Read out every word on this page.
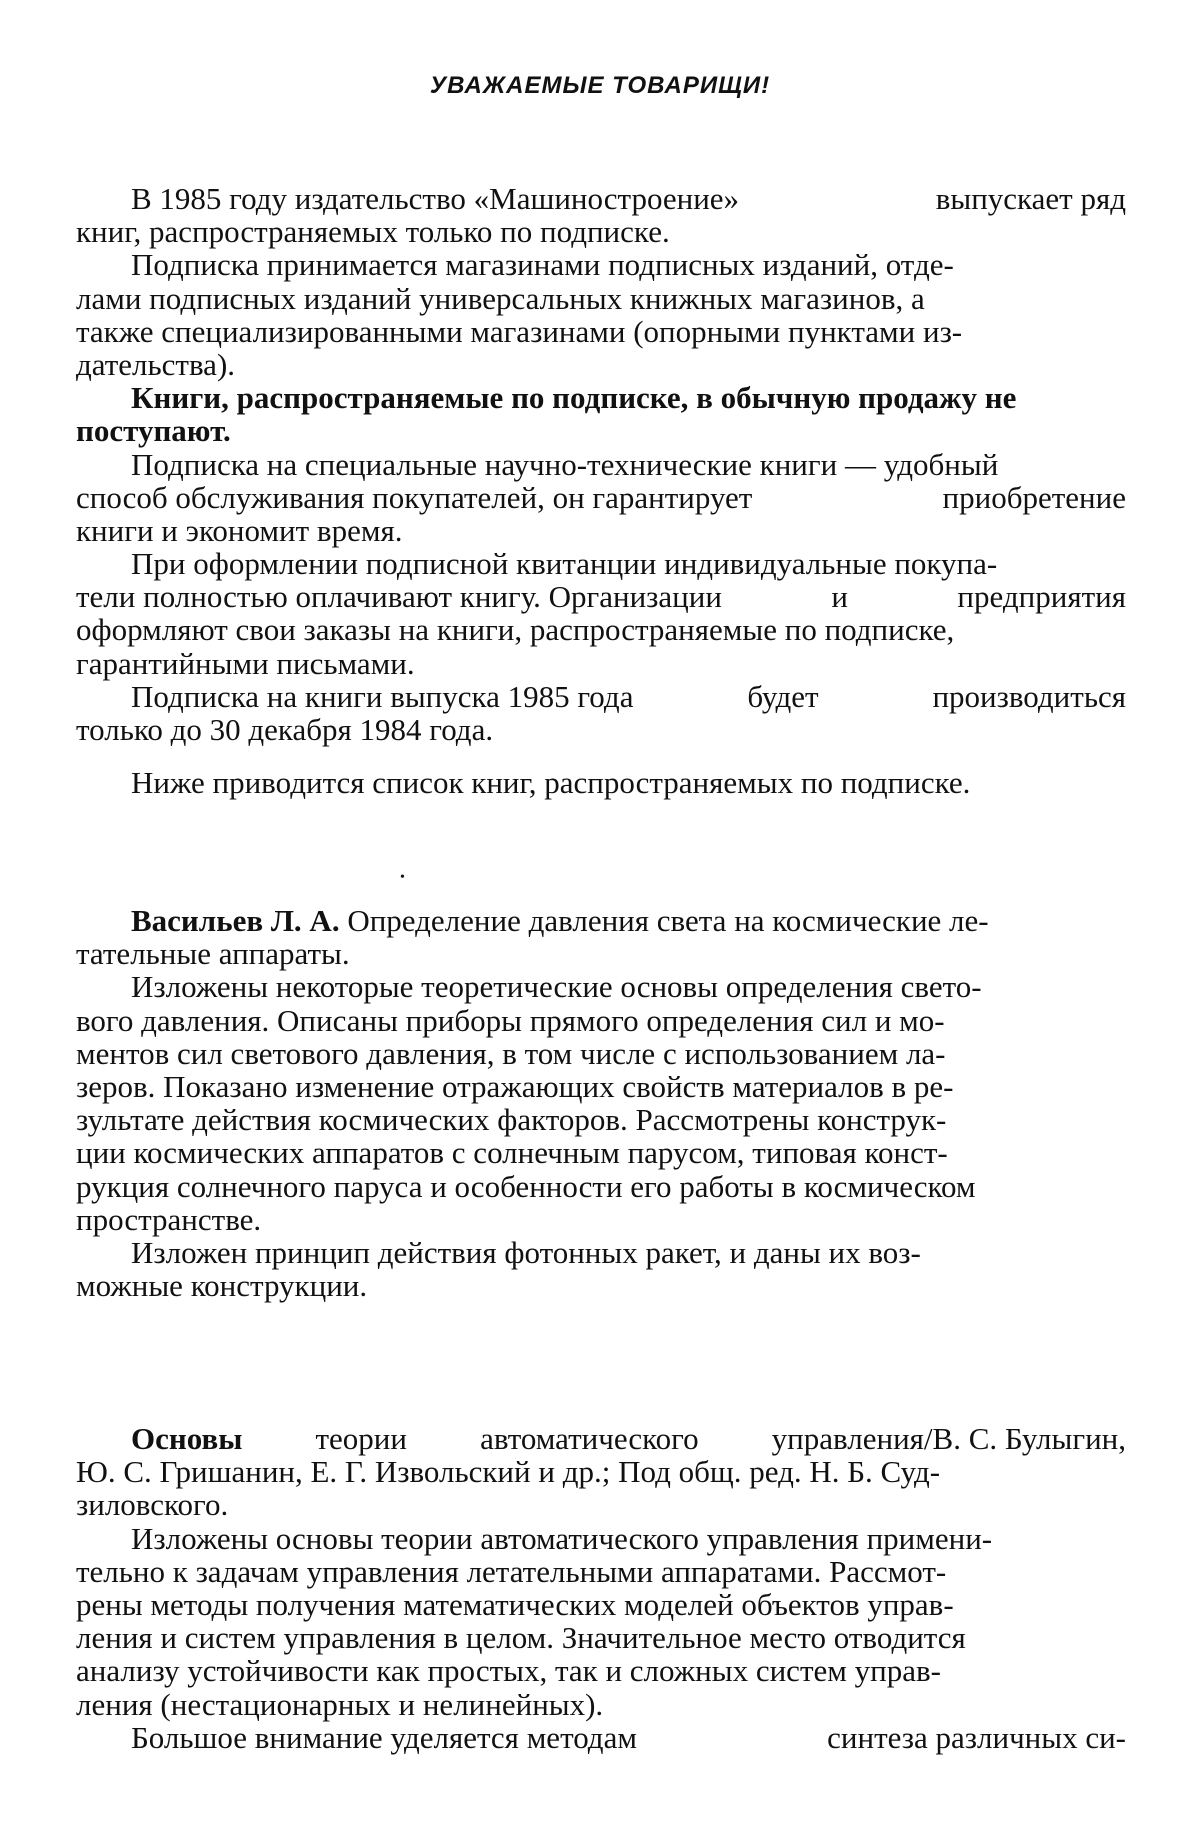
УВАЖАЕМЫЕ ТОВАРИЩИ!
В 1985 году издательство «Машиностроение»	выпускает ряд
книг, распространяемых только по подписке.
Подписка принимается магазинами подписных изданий, отде-
лами подписных изданий универсальных книжных магазинов, а
также специализированными магазинами (опорными пунктами из-
дательства).
Книги, распространяемые по подписке, в обычную продажу не
поступают.
Подписка на специальные научно-технические книги — удобный
способ обслуживания покупателей, он гарантирует	приобретение
книги и экономит время.
При оформлении подписной квитанции индивидуальные покупа-
тели полностью оплачивают книгу. Организации	и	предприятия
оформляют свои заказы на книги, распространяемые по подписке,
гарантийными письмами.
Подписка на книги выпуска 1985 года	будет	производиться
только до 30 декабря 1984 года.
Ниже приводится список книг, распространяемых по подписке.
•
Васильев Л. А. Определение давления света на космические ле-
тательные аппараты.
Изложены некоторые теоретические основы определения свето-
вого давления. Описаны приборы прямого определения сил и мо-
ментов сил светового давления, в том числе с использованием ла-
зеров. Показано изменение отражающих свойств материалов в ре-
зультате действия космических факторов. Рассмотрены конструк-
ции космических аппаратов с солнечным парусом, типовая конст-
рукция солнечного паруса и особенности его работы в космическом
пространстве.
Изложен принцип действия фотонных ракет, и даны их воз-
можные конструкции.
Основы теории автоматического управления/В. С. Булыгин,
Ю. С. Гришанин, Е. Г. Извольский и др.; Под общ. ред. Н. Б. Суд-
зиловского.
Изложены основы теории автоматического управления примени-
тельно к задачам управления летательными аппаратами. Рассмот-
рены методы получения математических моделей объектов управ-
ления и систем управления в целом. Значительное место отводится
анализу устойчивости как простых, так и сложных систем управ-
ления (нестационарных и нелинейных).
Большое внимание уделяется методам	синтеза различных си-
